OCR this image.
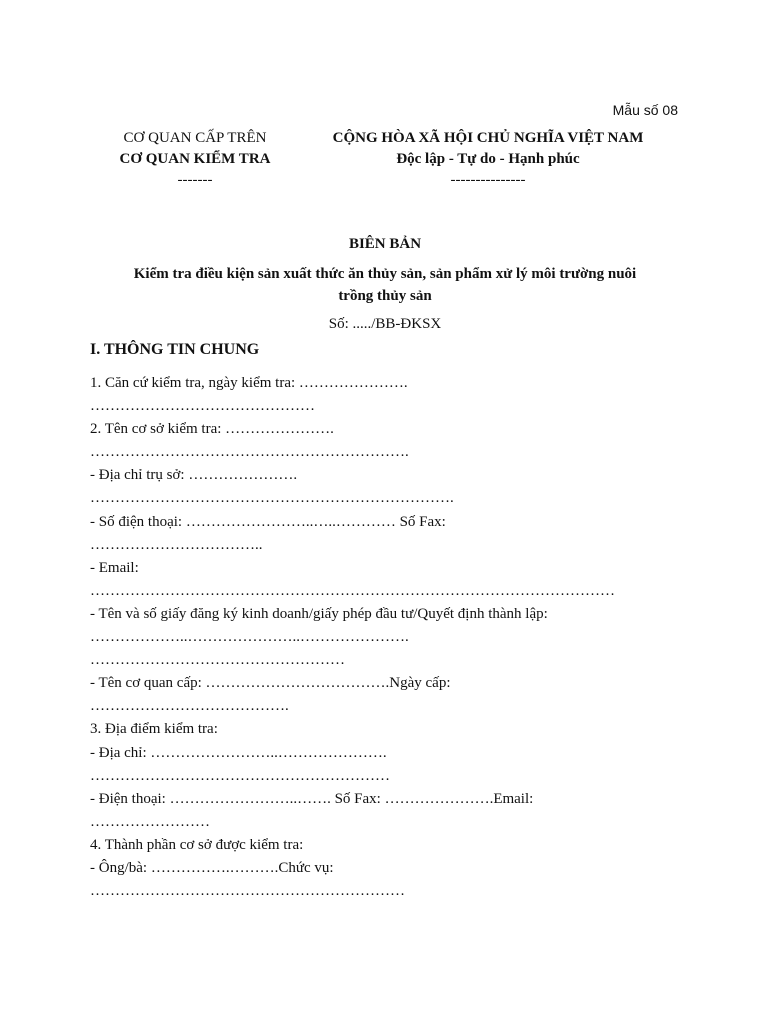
Mẫu số 08
CƠ QUAN CẤP TRÊN
CƠ QUAN KIỂM TRA
-------
CỘNG HÒA XÃ HỘI CHỦ NGHĨA VIỆT NAM
Độc lập - Tự do - Hạnh phúc
---------------
BIÊN BẢN
Kiểm tra điều kiện sản xuất thức ăn thủy sản, sản phẩm xử lý môi trường nuôi
trồng thủy sản
Số: ...../BB-ĐKSX
I. THÔNG TIN CHUNG
1. Căn cứ kiểm tra, ngày kiểm tra: ………………….
………………………………………
2. Tên cơ sở kiểm tra: ………………….
……………………………………………………….
- Địa chỉ trụ sở: ………………….
……………………………………………………………….
- Số điện thoại: ……………………..…..………… Số Fax:
……………………………..
- Email:
……………………………………………………………………………………………
- Tên và số giấy đăng ký kinh doanh/giấy phép đầu tư/Quyết định thành lập:
………………..…………………..………………….
……………………………………………
- Tên cơ quan cấp: ……………………………….Ngày cấp:
………………………………….
3. Địa điểm kiểm tra:
- Địa chỉ: ……………………..………………….
……………………………………………………
- Điện thoại: ……………………..……. Số Fax: ………………….Email:
……………………
4. Thành phần cơ sở được kiểm tra:
- Ông/bà: …………….……….Chức vụ:
………………………………………………………
